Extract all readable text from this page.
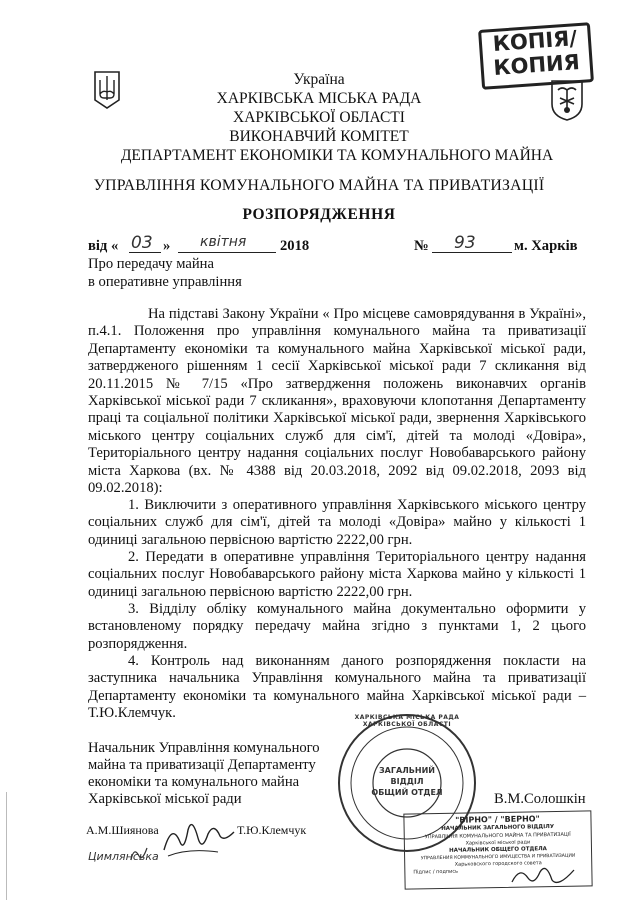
КОПІЯ/
КОПИЯ
Україна
ХАРКІВСЬКА МІСЬКА РАДА
ХАРКІВСЬКОЇ ОБЛАСТІ
ВИКОНАВЧИЙ КОМІТЕТ
ДЕПАРТАМЕНТ ЕКОНОМІКИ ТА КОМУНАЛЬНОГО МАЙНА
УПРАВЛІННЯ КОМУНАЛЬНОГО МАЙНА ТА ПРИВАТИЗАЦІЇ
РОЗПОРЯДЖЕННЯ
від « 03 » квітня 2018	№ 93	м. Харків
Про передачу майна
в оперативне управління
На підставі Закону України « Про місцеве самоврядування в Україні», п.4.1. Положення про управління комунального майна та приватизації Департаменту економіки та комунального майна Харківської міської ради, затвердженого рішенням 1 сесії Харківської міської ради 7 скликання від 20.11.2015 № 7/15 «Про затвердження положень виконавчих органів Харківської міської ради 7 скликання», враховуючи клопотання Департаменту праці та соціальної політики Харківської міської ради, звернення Харківського міського центру соціальних служб для сім'ї, дітей та молоді «Довіра», Територіального центру надання соціальних послуг Новобаварського району міста Харкова (вх. № 4388 від 20.03.2018, 2092 від 09.02.2018, 2093 від 09.02.2018):
1. Виключити з оперативного управління Харківського міського центру соціальних служб для сім'ї, дітей та молоді «Довіра» майно у кількості 1 одиниці загальною первісною вартістю 2222,00 грн.
2. Передати в оперативне управління Територіального центру надання соціальних послуг Новобаварського району міста Харкова майно у кількості 1 одиниці загальною первісною вартістю 2222,00 грн.
3. Відділу обліку комунального майна документально оформити у встановленому порядку передачу майна згідно з пунктами 1, 2 цього розпорядження.
4. Контроль над виконанням даного розпорядження покласти на заступника начальника Управління комунального майна та приватизації Департаменту економіки та комунального майна Харківської міської ради – Т.Ю.Клемчук.
Начальник Управління комунального
майна та приватизації Департаменту
економіки та комунального майна
Харківської міської ради	В.М.Солошкін
А.М.Шиянова	Т.Ю.Клемчук
Цимлянська
ХАРКІВСЬКА МІСЬКА РАДА ХАРКІВСЬКОЇ ОБЛАСТІ
ЗАГАЛЬНИЙ
ВІДДІЛ
ОБЩИЙ ОТДЕЛ
"ВІРНО" / "ВЕРНО"
НАЧАЛЬНИК ЗАГАЛЬНОГО ВІДДІЛУ
УПРАВЛІННЯ КОМУНАЛЬНОГО МАЙНА ТА ПРИВАТИЗАЦІЇ
Харківської міської ради
НАЧАЛЬНИК ОБЩЕГО ОТДЕЛА
УПРАВЛЕНИЯ КОММУНАЛЬНОГО ИМУЩЕСТВА И ПРИВАТИЗАЦИИ
Харьковского городского совета
Підпис / подпись
